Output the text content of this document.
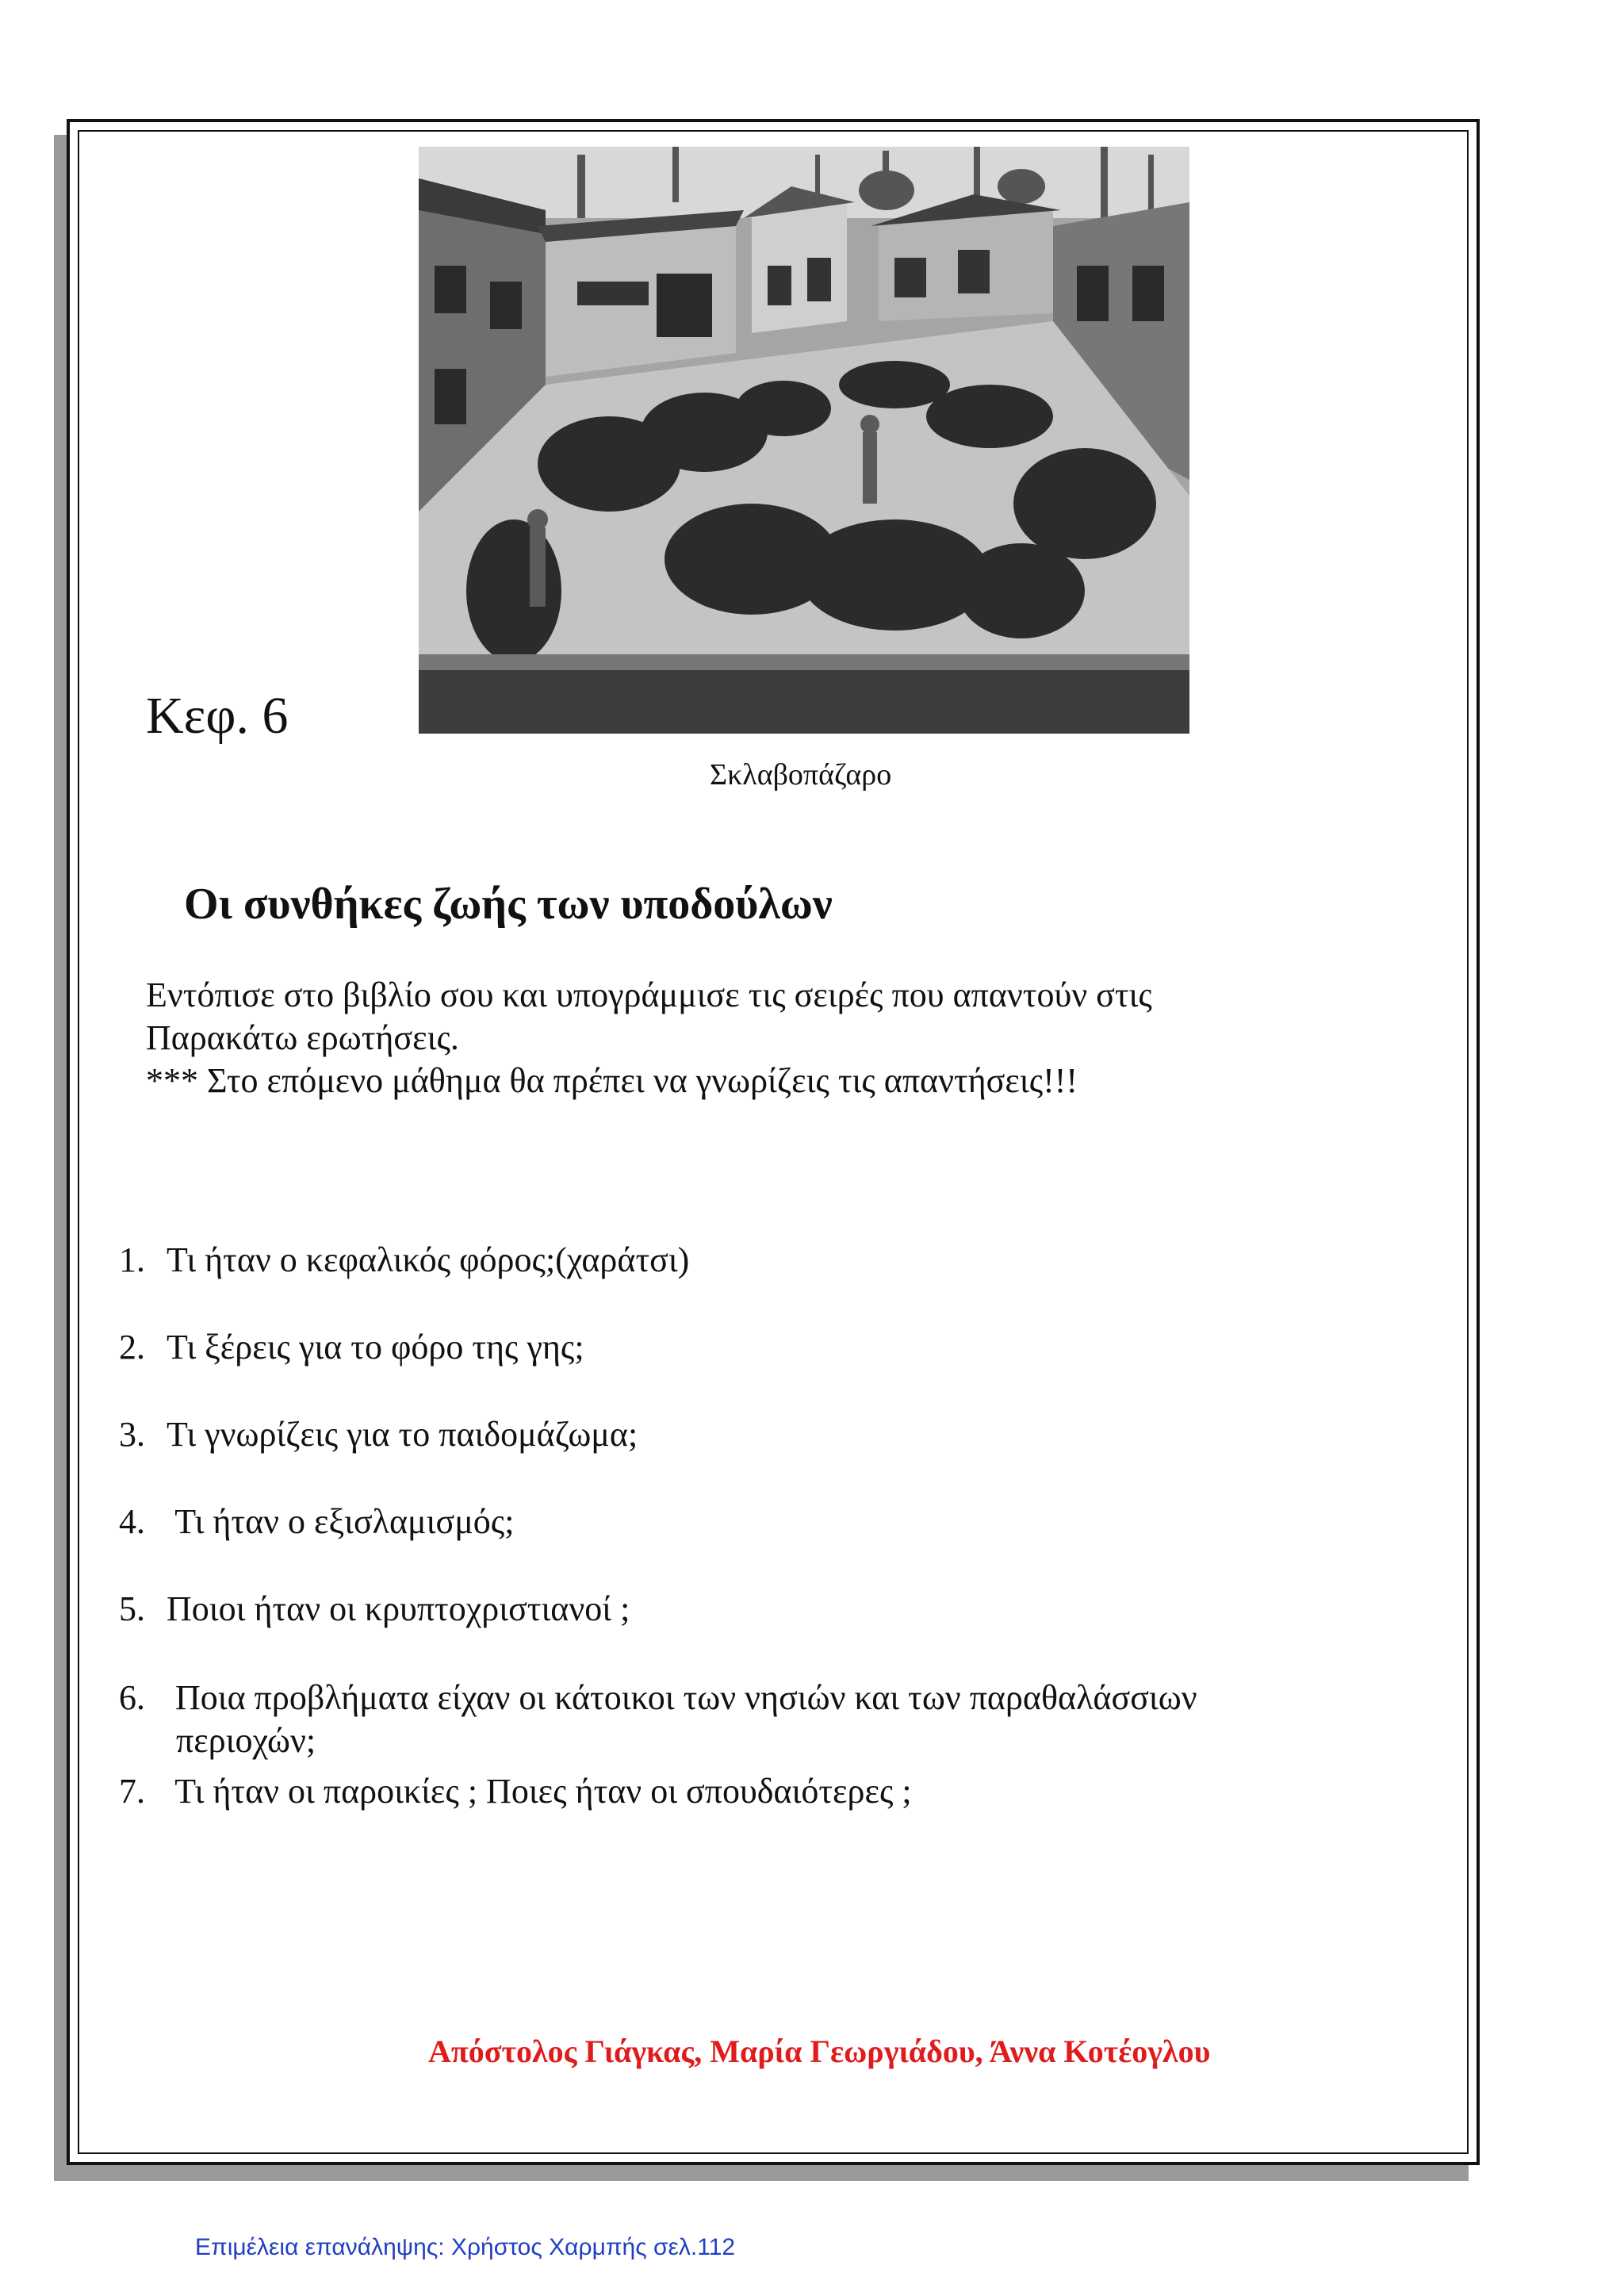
Κεφ. 6
Σκλαβοπάζαρο
Οι συνθήκες ζωής των υποδούλων
Εντόπισε στο βιβλίο σου και υπογράμμισε τις σειρές που απαντούν στις
Παρακάτω ερωτήσεις.
*** Στο επόμενο μάθημα θα πρέπει να γνωρίζεις τις απαντήσεις!!!
1. Τι ήταν ο κεφαλικός φόρος;(χαράτσι)
2. Τι ξέρεις για το φόρο της γης;
3. Τι γνωρίζεις για το παιδομάζωμα;
4. Τι ήταν ο εξισλαμισμός;
5. Ποιοι ήταν οι κρυπτοχριστιανοί ;
6. Ποια προβλήματα είχαν οι κάτοικοι των νησιών και των παραθαλάσσιων
περιοχών;
7. Τι ήταν οι παροικίες ; Ποιες ήταν οι σπουδαιότερες ;
Απόστολος Γιάγκας, Μαρία Γεωργιάδου, Άννα Κοτέογλου
Επιμέλεια επανάληψης: Χρήστος Χαρμπής σελ.112
